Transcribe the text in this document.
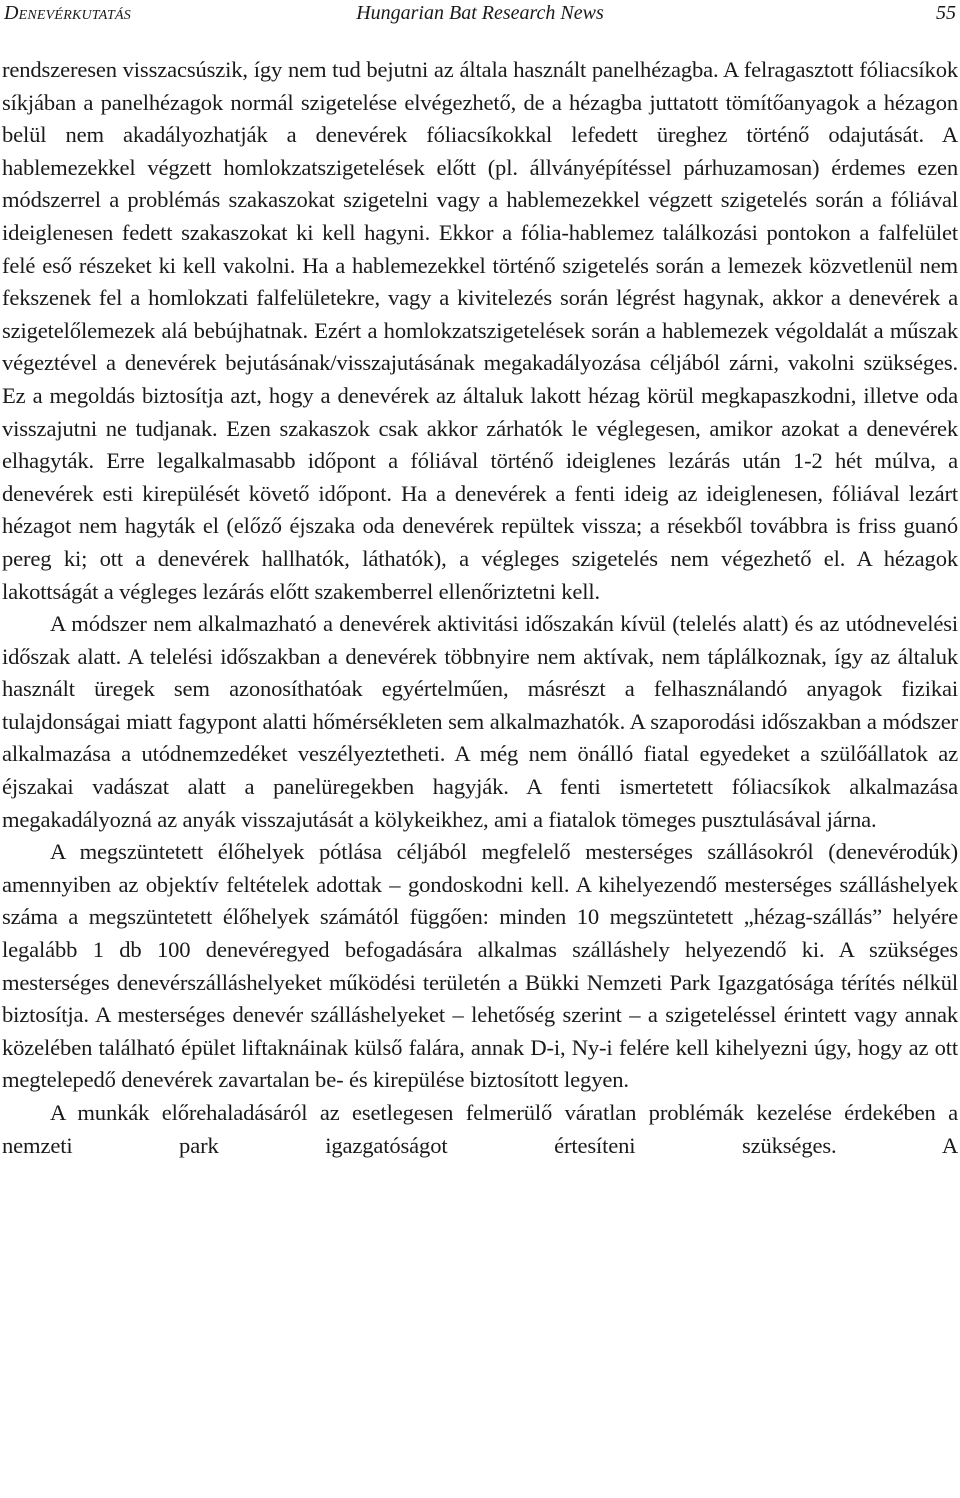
Denevérkutatás	Hungarian Bat Research News	55

rendszeresen visszacsúszik, így nem tud bejutni az általa használt panelhézagba. A felragasztott fóliacsíkok síkjában a panelhézagok normál szigetelése elvégezhető, de a hézagba juttatott tömítőanyagok a hézagon belül nem akadályozhatják a denevérek fóliacsíkokkal lefedett üreghez történő odajutását. A hablemezekkel végzett homlokzatszigetelések előtt (pl. állványépítéssel párhuzamosan) érdemes ezen módszerrel a problémás szakaszokat szigetelni vagy a hablemezekkel végzett szigetelés során a fóliával ideiglenesen fedett szakaszokat ki kell hagyni. Ekkor a fólia-hablemez találkozási pontokon a falfelület felé eső részeket ki kell vakolni. Ha a hablemezekkel történő szigetelés során a lemezek közvetlenül nem fekszenek fel a homlokzati falfelületekre, vagy a kivitelezés során légrést hagynak, akkor a denevérek a szigetelőlemezek alá bebújhatnak. Ezért a homlokzatszigetelések során a hablemezek végoldalát a műszak végeztével a denevérek bejutásának/visszajutásának megakadályozása céljából zárni, vakolni szükséges. Ez a megoldás biztosítja azt, hogy a denevérek az általuk lakott hézag körül megkapaszkodni, illetve oda visszajutni ne tudjanak. Ezen szakaszok csak akkor zárhatók le véglegesen, amikor azokat a denevérek elhagyták. Erre legalkalmasabb időpont a fóliával történő ideiglenes lezárás után 1-2 hét múlva, a denevérek esti kirepülését követő időpont. Ha a denevérek a fenti ideig az ideiglenesen, fóliával lezárt hézagot nem hagyták el (előző éjszaka oda denevérek repültek vissza; a résekből továbbra is friss guanó pereg ki; ott a denevérek hallhatók, láthatók), a végleges szigetelés nem végezhető el. A hézagok lakottságát a végleges lezárás előtt szakemberrel ellenőriztetni kell.

A módszer nem alkalmazható a denevérek aktivitási időszakán kívül (telelés alatt) és az utódnevelési időszak alatt. A telelési időszakban a denevérek többnyire nem aktívak, nem táplálkoznak, így az általuk használt üregek sem azonosíthatóak egyértelműen, másrészt a felhasználandó anyagok fizikai tulajdonságai miatt fagypont alatti hőmérsékleten sem alkalmazhatók. A szaporodási időszakban a módszer alkalmazása a utódnemzedéket veszélyeztetheti. A még nem önálló fiatal egyedeket a szülőállatok az éjszakai vadászat alatt a panelüregekben hagyják. A fenti ismertetett fóliacsíkok alkalmazása megakadályozná az anyák visszajutását a kölykeikhez, ami a fiatalok tömeges pusztulásával járna.

A megszüntetett élőhelyek pótlása céljából megfelelő mesterséges szállásokról (denevérodúk) amennyiben az objektív feltételek adottak – gondoskodni kell. A kihelyezendő mesterséges szálláshelyek száma a megszüntetett élőhelyek számától függően: minden 10 megszüntetett „hézag-szállás” helyére legalább 1 db 100 denevéregyed befogadására alkalmas szálláshely helyezendő ki. A szükséges mesterséges denevérszálláshelyeket működési területén a Bükki Nemzeti Park Igazgatósága térítés nélkül biztosítja. A mesterséges denevér szálláshelyeket – lehetőség szerint – a szigeteléssel érintett vagy annak közelében található épület liftaknáinak külső falára, annak D-i, Ny-i felére kell kihelyezni úgy, hogy az ott megtelepedő denevérek zavartalan be- és kirepülése biztosított legyen.

A munkák előrehaladásáról az esetlegesen felmerülő váratlan problémák kezelése érdekében a nemzeti park igazgatóságot értesíteni szükséges. A
